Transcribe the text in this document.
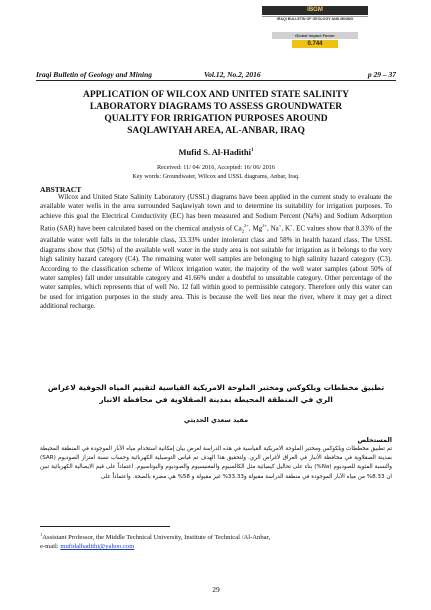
IBGM
IRAQI BULLETIN OF GEOLOGY AND MINING
Global Impact Factor
0.744
Iraqi Bulletin of Geology and Mining	Vol.12, No.2, 2016	p 29 – 37
APPLICATION OF WILCOX AND UNITED STATE SALINITY
LABORATORY DIAGRAMS TO ASSESS GROUNDWATER
QUALITY FOR IRRIGATION PURPOSES AROUND
SAQLAWIYAH AREA, AL-ANBAR, IRAQ
Mufid S. Al-Hadithi$^1$
Received: 11/ 04/ 2016, Accepted: 16/ 06/ 2016
Key words: Groundwater, Wilcox and USSL diagrams, Anbar, Iraq.
ABSTRACT

Wilcox and United State Salinity Laboratory (USSL) diagrams have been applied in the current study to evaluate the available water wells in the area surrounded Saqlawiyah town and to determine its suitability for irrigation purposes. To achieve this goal the Electrical Conductivity (EC) has been measured and Sodium Percent (Na%) and Sodium Adsorption Ratio (SAR) have been calculated based on the chemical analysis of $Ca_2^{2+}$, $Mg^{2+}$, Na+, K+. EC values show that 8.33% of the available water well falls in the tolerable class, 33.33% under intolerant class and 58% in health hazard class. The USSL diagrams show that (50%) of the available well water in the study area is not suitable for irrigation as it belongs to the very high salinity hazard category (C4). The remaining water well samples are belonging to high salinity hazard category (C3). According to the classification scheme of Wilcox irrigation water, the majority of the well water samples (about 50% of water samples) fall under unsuitable category and 41.66% under a doubtful to unsuitable category. Other percentage of the water samples, which represents that of well No. 12 fall within good to permissible category. Therefore only this water can be used for irrigation purposes in the study area. This is because the well lies near the river, where it may get a direct additional recharge.

تطبيق مخططات ويلكوكس ومختبر الملوحة الامريكية القياسية لتقييم المياه الجوفية لاغراض
الري في المنطقة المحيطة بمدينة الصقلاوية في محافظة الانبار
مفيد سعدي الحديثي
المستخلص
تم تطبيق مخططات ويلكوكس ومختبر الملوحة الامريكية القياسية في هذه الدراسة لغرض بيان إمكانية استخدام مياه الآبار الموجودة في المنطقة المحيطة بمدينة الصقلاوية في محافظة الأنبار في العراق لأغراض الري. ولتحقيق هذا الهدف تم قياس التوصيلية الكهربائية وحساب نسبة امتزاز الصوديوم (SAR) والنسبة المئوية للصوديوم (Na%) بناء على تحاليل كيميائية مثل الكالسيوم والمغنيسيوم والصوديوم والبوتاسيوم. اعتماداً على قيم الايصالية الكهربائية تبين ان 8.33% من مياه الآبار الموجودة في منطقة الدراسة مقبولة و33.33% غير مقبولة و 58% هي مضرة بالصحة. واعتماداً على
$^1$Assistant Professor, the Middle Technical University, Institute of Technical /Al-Anbar,
e-mail: mufidalhadithi@yahoo.com
29
